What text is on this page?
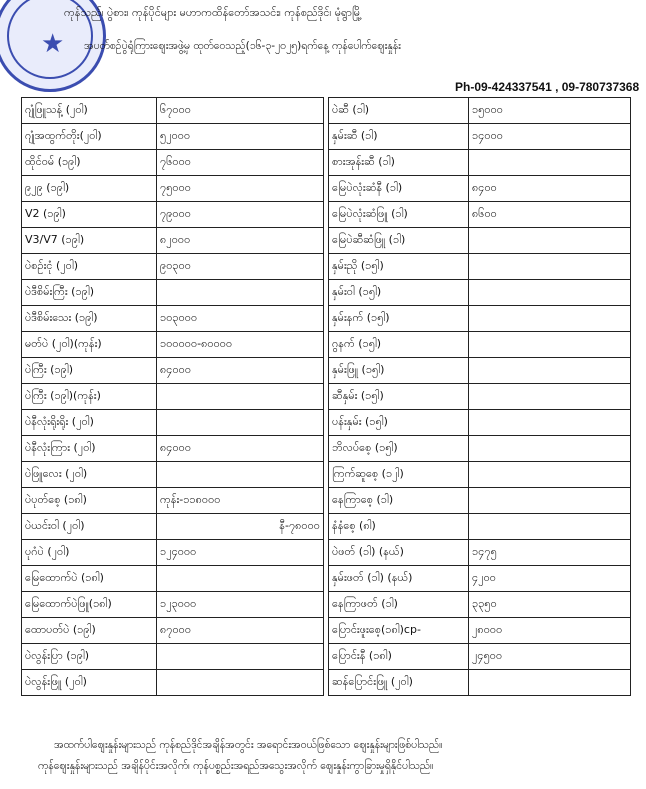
★
ကုန်သည်၊ ပွဲစား၊ ကုန်ပိုင်များ မဟာကထိန်တော်အသင်း၊ ကုန်စည်ဒိုင်၊ မုံရွာမြို့
အပတ်စဉ်ပွဲရုံကြားဈေးအဖွဲ့မှ ထုတ်ဝေသည့်(၁၆-၃-၂၀၂၅)ရက်နေ့ ကုန်ပေါက်ဈေးနှုန်း
Ph-09-424337541 , 09-780737368
ဂျုံဖြူသန့် (၂၀ါ)	၆၇၀၀၀
ဂျုံအထွက်တိုး(၂၀ါ)	၅၂၀၀၀
ထိုင်ဝမ် (၁၉ါ)	၇၆၀၀၀
၉၂၉ (၁၉ါ)	၇၅၀၀၀
V2 (၁၉ါ)	၇၉၀၀၀
V3/V7 (၁၉ါ)	၈၂၀၀၀
ပဲစဉ်းငုံ (၂၀ါ)	၉၀၃၀၀
ပဲဒီစိမ်းကြီး (၁၉ါ)	
ပဲဒီစိမ်းသေး (၁၉ါ)	၁၀၃၀၀၀
မတ်ပဲ (၂၀ါ)(ကုန်း)	၁၀၀၀၀၀-၈၀၀၀၀
ပဲကြီး (၁၉ါ)	၈၄၀၀၀
ပဲကြီး (၁၉ါ)(ကုန်း)	
ပဲနီလုံးရိုးရိုး (၂၀ါ)	
ပဲနီလုံးကြား (၂၀ါ)	၈၄၀၀၀
ပဲဖြူလေး (၂၀ါ)	
ပဲပုတ်စေ့ (၁၈ါ)	ကုန်း-၁၁၈၀၀၀
ပဲယင်းဝါ (၂၀ါ)	နီ-၇၈၀၀၀
ပုဂံပဲ (၂၀ါ)	၁၂၄၀၀၀
မြေထောက်ပဲ (၁၈ါ)	
မြေထောက်ပဲဖြူ(၁၈ါ)	၁၂၃၀၀၀
ထောပတ်ပဲ (၁၉ါ)	၈၇၀၀၀
ပဲလွန်းပြာ (၁၉ါ)	
ပဲလွန်းဖြူ (၂၀ါ)	
ပဲဆီ (၁ါ)	၁၅၀၀၀
နှမ်းဆီ (၁ါ)	၁၄၀၀၀
စားအုန်းဆီ (၁ါ)	
မြေပဲလုံးဆံနီ (၁ါ)	၈၄၀၀
မြေပဲလုံးဆံဖြူ (၁ါ)	၈၆၀၀
မြေပဲဆီဆံဖြူ (၁ါ)	
နှမ်းညို (၁၅ါ)	
နှမ်းဝါ (၁၅ါ)	
နှမ်းနက် (၁၅ါ)	
ဂွနက် (၁၅ါ)	
နှမ်းဖြူ (၁၅ါ)	
ဆီနှမ်း (၁၅ါ)	
ပန်းနှမ်း (၁၅ါ)	
ဘိလပ်စေ့ (၁၅ါ)	
ကြက်ဆူစေ့ (၁၂ါ)	
နေကြာစေ့ (၁ါ)	
နံနံစေ့ (၈ါ)	
ပဲဖတ် (၁ါ) (နယ်)	၁၄၇၅
နှမ်းဖတ် (၁ါ) (နယ်)	၄၂၀၀
နေကြာဖတ် (၁ါ)	၃၃၅၀
ပြောင်းဖူးစေ့(၁၈ါ)cp-	၂၈၀၀၀
ပြောင်းနီ (၁၈ါ)	၂၄၅၀၀
ဆန်ပြောင်းဖြူ (၂၀ါ)	
အထက်ပါဈေးနှုန်းများသည် ကုန်စည်ဒိုင်အချိန်အတွင်း အရောင်းအဝယ်ဖြစ်သော ဈေးနှုန်းများဖြစ်ပါသည်။
ကုန်ဈေးနှုန်းများသည် အချိန်ပိုင်းအလိုက်၊ ကုန်ပစ္စည်းအရည်အသွေးအလိုက် ဈေးနှုန်းကွာခြားမှုရှိနိုင်ပါသည်။
